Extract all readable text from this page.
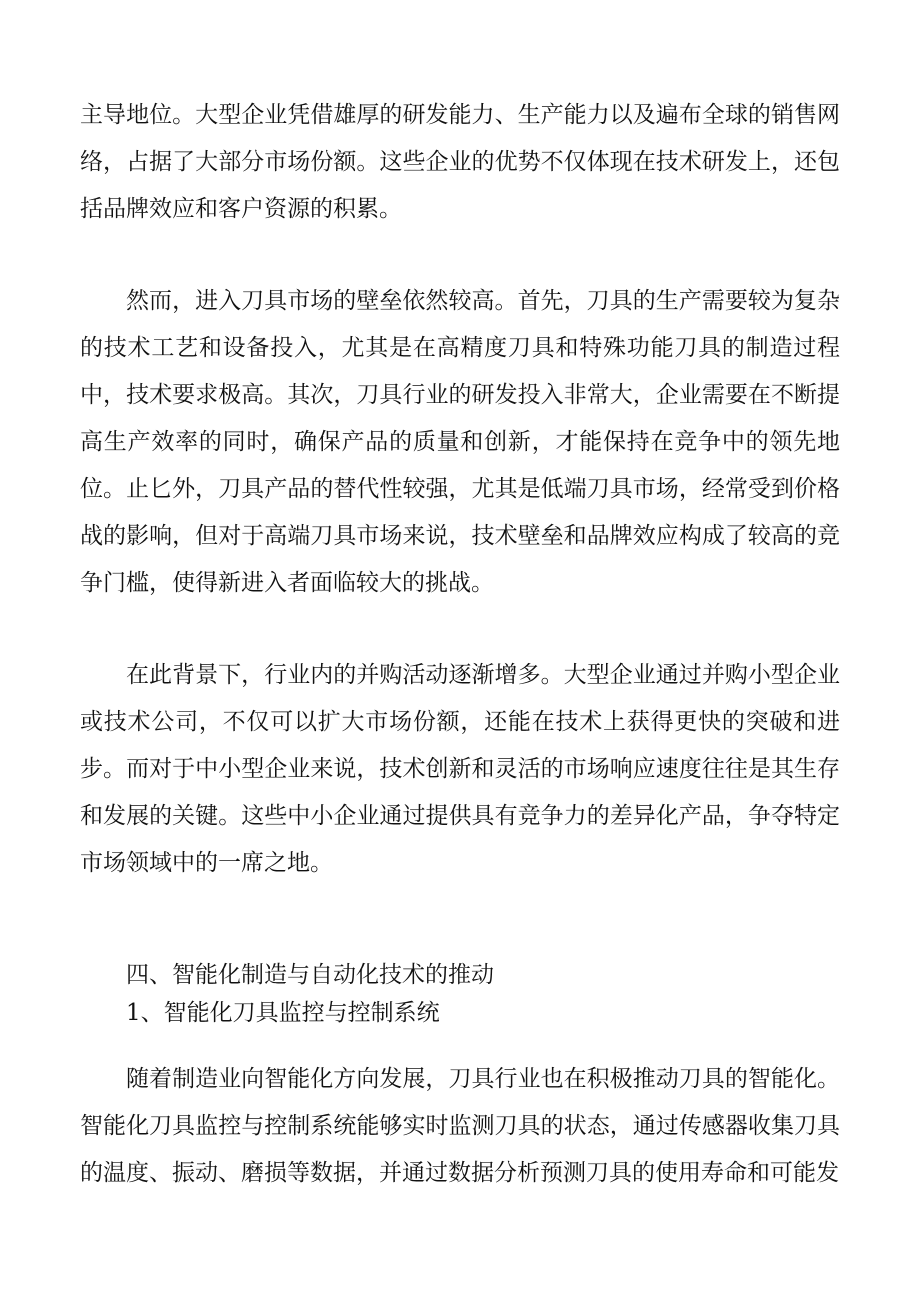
主导地位。大型企业凭借雄厚的研发能力、生产能力以及遍布全球的销售网络，占据了大部分市场份额。这些企业的优势不仅体现在技术研发上，还包括品牌效应和客户资源的积累。

然而，进入刀具市场的壁垒依然较高。首先，刀具的生产需要较为复杂的技术工艺和设备投入，尤其是在高精度刀具和特殊功能刀具的制造过程中，技术要求极高。其次，刀具行业的研发投入非常大，企业需要在不断提高生产效率的同时，确保产品的质量和创新，才能保持在竞争中的领先地位。止匕外，刀具产品的替代性较强，尤其是低端刀具市场，经常受到价格战的影响，但对于高端刀具市场来说，技术壁垒和品牌效应构成了较高的竞争门槛，使得新进入者面临较大的挑战。

在此背景下，行业内的并购活动逐渐增多。大型企业通过并购小型企业或技术公司，不仅可以扩大市场份额，还能在技术上获得更快的突破和进步。而对于中小型企业来说，技术创新和灵活的市场响应速度往往是其生存和发展的关键。这些中小企业通过提供具有竞争力的差异化产品，争夺特定市场领域中的一席之地。

四、智能化制造与自动化技术的推动
1、智能化刀具监控与控制系统

随着制造业向智能化方向发展，刀具行业也在积极推动刀具的智能化。智能化刀具监控与控制系统能够实时监测刀具的状态，通过传感器收集刀具的温度、振动、磨损等数据，并通过数据分析预测刀具的使用寿命和可能发
